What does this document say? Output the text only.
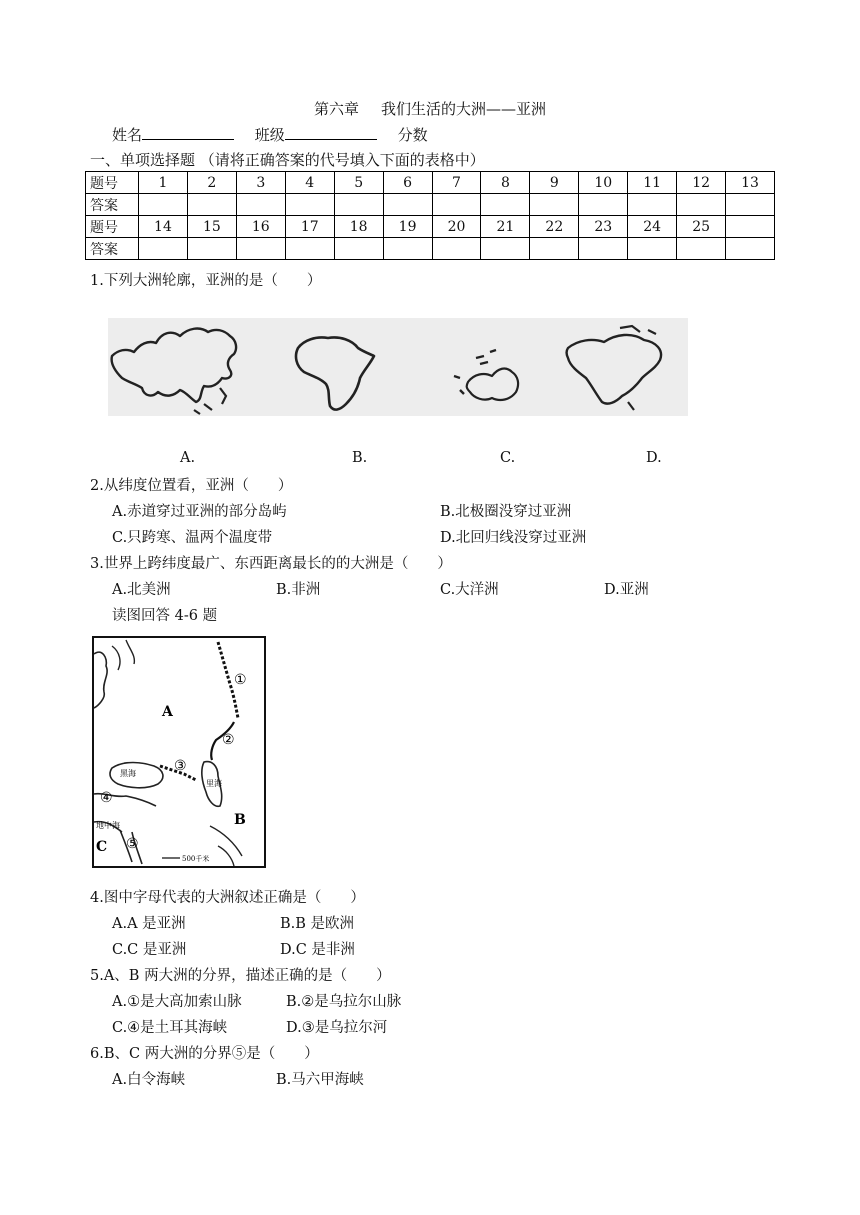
第六章 我们生活的大洲——亚洲
姓名	班级	分数
一、单项选择题 （请将正确答案的代号填入下面的表格中）
题号	1	2	3	4	5	6	7	8	9	10	11	12	13
答案													
题号	14	15	16	17	18	19	20	21	22	23	24	25	
答案													
1.下列大洲轮廓，亚洲的是（　　）
A.	B.	C.	D.
2.从纬度位置看，亚洲（　　）
A.赤道穿过亚洲的部分岛屿	B.北极圈没穿过亚洲
C.只跨寒、温两个温度带	D.北回归线没穿过亚洲
3.世界上跨纬度最广、东西距离最长的的大洲是（　　）
A.北美洲	B.非洲	C.大洋洲	D.亚洲
读图回答 4-6 题
A
B
C
①
②
③
④
⑤
黑海
里海
地中海
500千米
4.图中字母代表的大洲叙述正确是（　　）
A.A 是亚洲	B.B 是欧洲
C.C 是亚洲	D.C 是非洲
5.A、B 两大洲的分界，描述正确的是（　　）
A.①是大高加索山脉	B.②是乌拉尔山脉
C.④是土耳其海峡	D.③是乌拉尔河
6.B、C 两大洲的分界⑤是（　　）
A.白令海峡	B.马六甲海峡
